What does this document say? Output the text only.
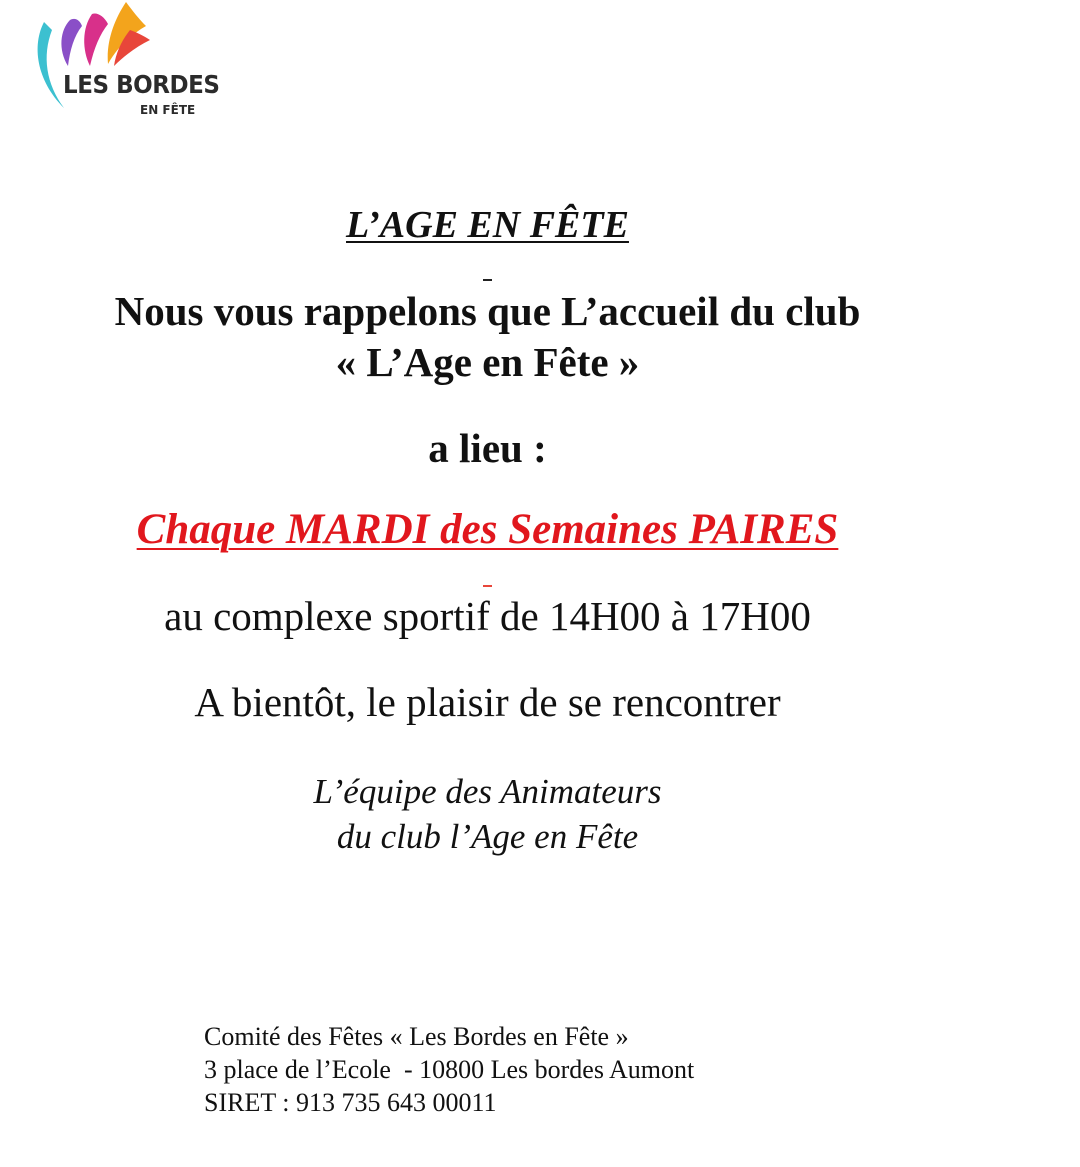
LES BORDES
EN FÊTE
L’AGE EN FÊTE
Nous vous rappelons que L’accueil du club
« L’Age en Fête »
a lieu :
Chaque MARDI des Semaines PAIRES
au complexe sportif de 14H00 à 17H00
A bientôt, le plaisir de se rencontrer
L’équipe des Animateurs
du club l’Age en Fête
Comité des Fêtes « Les Bordes en Fête »
3 place de l’Ecole  - 10800 Les bordes Aumont
SIRET : 913 735 643 00011
